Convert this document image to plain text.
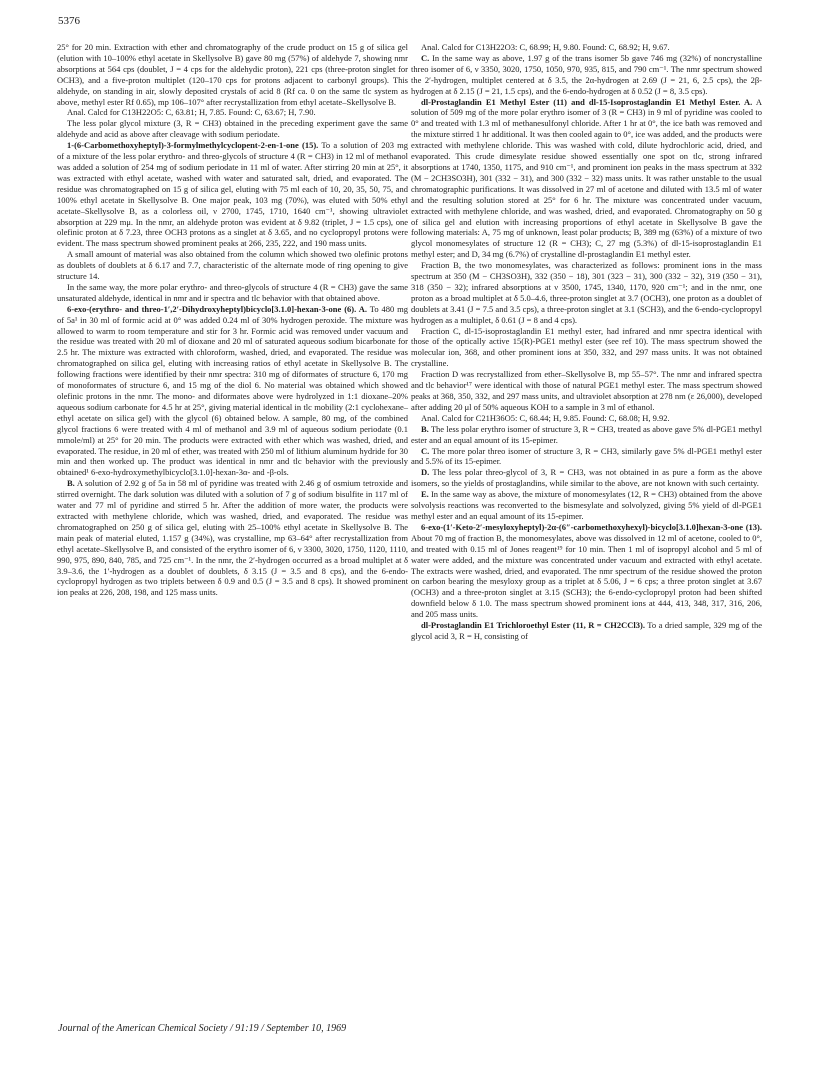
5376

25° for 20 min. Extraction with ether and chromatography of the crude product on 15 g of silica gel (elution with 10–100% ethyl acetate in Skellysolve B) gave 80 mg (57%) of aldehyde 7, showing nmr absorptions at 564 cps (doublet, J = 4 cps for the aldehydic proton), 221 cps (three-proton singlet for OCH3), and a five-proton multiplet (120–170 cps for protons adjacent to carbonyl groups). This aldehyde, on standing in air, slowly deposited crystals of acid 8 (Rf ca. 0 on the same tlc system as above, methyl ester Rf 0.65), mp 106–107° after recrystallization from ethyl acetate–Skellysolve B.

Anal. Calcd for C13H22O5: C, 63.81; H, 7.85. Found: C, 63.67; H, 7.90.

The less polar glycol mixture (3, R = CH3) obtained in the preceding experiment gave the same aldehyde and acid as above after cleavage with sodium periodate.

1-(6-Carbomethoxyheptyl)-3-formylmethylcyclopent-2-en-1-one (15). To a solution of 203 mg of a mixture of the less polar erythro- and threo-glycols of structure 4 (R = CH3) in 12 ml of methanol was added a solution of 254 mg of sodium periodate in 11 ml of water. After stirring 20 min at 25°, it was extracted with ethyl acetate, washed with water and saturated salt, dried, and evaporated. The residue was chromatographed on 15 g of silica gel, eluting with 75 ml each of 10, 20, 35, 50, 75, and 100% ethyl acetate in Skellysolve B. One major peak, 103 mg (70%), was eluted with 50% ethyl acetate–Skellysolve B, as a colorless oil, ν 2700, 1745, 1710, 1640 cm⁻¹, showing ultraviolet absorption at 229 mμ. In the nmr, an aldehyde proton was evident at δ 9.82 (triplet, J = 1.5 cps), one olefinic proton at δ 7.23, three OCH3 protons as a singlet at δ 3.65, and no cyclopropyl protons were evident. The mass spectrum showed prominent peaks at 266, 235, 222, and 190 mass units.

A small amount of material was also obtained from the column which showed two olefinic protons as doublets of doublets at δ 6.17 and 7.7, characteristic of the alternate mode of ring opening to give structure 14.

In the same way, the more polar erythro- and threo-glycols of structure 4 (R = CH3) gave the same unsaturated aldehyde, identical in nmr and ir spectra and tlc behavior with that obtained above.

6-exo-(erythro- and threo-1′,2′-Dihydroxyheptyl)bicyclo[3.1.0]-hexan-3-one (6). A. To 480 mg of 5a¹ in 30 ml of formic acid at 0° was added 0.24 ml of 30% hydrogen peroxide. The mixture was allowed to warm to room temperature and stir for 3 hr. Formic acid was removed under vacuum and the residue was treated with 20 ml of dioxane and 20 ml of saturated aqueous sodium bicarbonate for 2.5 hr. The mixture was extracted with chloroform, washed, dried, and evaporated. The residue was chromatographed on silica gel, eluting with increasing ratios of ethyl acetate in Skellysolve B. The following fractions were identified by their nmr spectra: 310 mg of diformates of structure 6, 170 mg of monoformates of structure 6, and 15 mg of the diol 6. No material was obtained which showed olefinic protons in the nmr. The mono- and diformates above were hydrolyzed in 1:1 dioxane–20% aqueous sodium carbonate for 4.5 hr at 25°, giving material identical in tlc mobility (2:1 cyclohexane–ethyl acetate on silica gel) with the glycol (6) obtained below. A sample, 80 mg, of the combined glycol fractions 6 were treated with 4 ml of methanol and 3.9 ml of aqueous sodium periodate (0.1 mmole/ml) at 25° for 20 min. The products were extracted with ether which was washed, dried, and evaporated. The residue, in 20 ml of ether, was treated with 250 ml of lithium aluminum hydride for 30 min and then worked up. The product was identical in nmr and tlc behavior with the previously obtained¹ 6-exo-hydroxymethylbicyclo[3.1.0]-hexan-3α- and -β-ols.

B. A solution of 2.92 g of 5a in 58 ml of pyridine was treated with 2.46 g of osmium tetroxide and stirred overnight. The dark solution was diluted with a solution of 7 g of sodium bisulfite in 117 ml of water and 77 ml of pyridine and stirred 5 hr. After the addition of more water, the products were extracted with methylene chloride, which was washed, dried, and evaporated. The residue was chromatographed on 250 g of silica gel, eluting with 25–100% ethyl acetate in Skellysolve B. The main peak of material eluted, 1.157 g (34%), was crystalline, mp 63–64° after recrystallization from ethyl acetate–Skellysolve B, and consisted of the erythro isomer of 6, ν 3300, 3020, 1750, 1120, 1110, 990, 975, 890, 840, 785, and 725 cm⁻¹. In the nmr, the 2′-hydrogen occurred as a broad multiplet at δ 3.9–3.6, the 1′-hydrogen as a doublet of doublets, δ 3.15 (J = 3.5 and 8 cps), and the 6-endo-cyclopropyl hydrogen as two triplets between δ 0.9 and 0.5 (J = 3.5 and 8 cps). It showed prominent ion peaks at 226, 208, 198, and 125 mass units.

Anal. Calcd for C13H22O3: C, 68.99; H, 9.80. Found: C, 68.92; H, 9.67.

C. In the same way as above, 1.97 g of the trans isomer 5b gave 746 mg (32%) of noncrystalline threo isomer of 6, ν 3350, 3020, 1750, 1050, 970, 935, 815, and 790 cm⁻¹. The nmr spectrum showed the 2′-hydrogen, multiplet centered at δ 3.5, the 2α-hydrogen at 2.69 (J = 21, 6, 2.5 cps), the 2β-hydrogen at δ 2.15 (J = 21, 1.5 cps), and the 6-endo-hydrogen at δ 0.52 (J = 8, 3.5 cps).

dl-Prostaglandin E1 Methyl Ester (11) and dl-15-Isoprostaglandin E1 Methyl Ester. A. A solution of 509 mg of the more polar erythro isomer of 3 (R = CH3) in 9 ml of pyridine was cooled to 0° and treated with 1.3 ml of methanesulfonyl chloride. After 1 hr at 0°, the ice bath was removed and the mixture stirred 1 hr additional. It was then cooled again to 0°, ice was added, and the products were extracted with methylene chloride. This was washed with cold, dilute hydrochloric acid, dried, and evaporated. This crude dimesylate residue showed essentially one spot on tlc, strong infrared absorptions at 1740, 1350, 1175, and 910 cm⁻¹, and prominent ion peaks in the mass spectrum at 332 (M − 2CH3SO3H), 301 (332 − 31), and 300 (332 − 32) mass units. It was rather unstable to the usual chromatographic purifications. It was dissolved in 27 ml of acetone and diluted with 13.5 ml of water and the resulting solution stored at 25° for 6 hr. The mixture was concentrated under vacuum, extracted with methylene chloride, and was washed, dried, and evaporated. Chromatography on 50 g of silica gel and elution with increasing proportions of ethyl acetate in Skellysolve B gave the following materials: A, 75 mg of unknown, least polar products; B, 389 mg (63%) of a mixture of two glycol monomesylates of structure 12 (R = CH3); C, 27 mg (5.3%) of dl-15-isoprostaglandin E1 methyl ester; and D, 34 mg (6.7%) of crystalline dl-prostaglandin E1 methyl ester.

Fraction B, the two monomesylates, was characterized as follows: prominent ions in the mass spectrum at 350 (M − CH3SO3H), 332 (350 − 18), 301 (323 − 31), 300 (332 − 32), 319 (350 − 31), 318 (350 − 32); infrared absorptions at ν 3500, 1745, 1340, 1170, 920 cm⁻¹; and in the nmr, one proton as a broad multiplet at δ 5.0–4.6, three-proton singlet at 3.7 (OCH3), one proton as a doublet of doublets at 3.41 (J = 7.5 and 3.5 cps), a three-proton singlet at 3.1 (SCH3), and the 6-endo-cyclopropyl hydrogen as a multiplet, δ 0.61 (J = 8 and 4 cps).

Fraction C, dl-15-isoprostaglandin E1 methyl ester, had infrared and nmr spectra identical with those of the optically active 15(R)-PGE1 methyl ester (see ref 10). The mass spectrum showed the molecular ion, 368, and other prominent ions at 350, 332, and 297 mass units. It was not obtained crystalline.

Fraction D was recrystallized from ether–Skellysolve B, mp 55–57°. The nmr and infrared spectra and tlc behavior¹⁷ were identical with those of natural PGE1 methyl ester. The mass spectrum showed peaks at 368, 350, 332, and 297 mass units, and ultraviolet absorption at 278 nm (ε 26,000), developed after adding 20 μl of 50% aqueous KOH to a sample in 3 ml of ethanol.

Anal. Calcd for C21H36O5: C, 68.44; H, 9.85. Found: C, 68.08; H, 9.92.

B. The less polar erythro isomer of structure 3, R = CH3, treated as above gave 5% dl-PGE1 methyl ester and an equal amount of its 15-epimer.

C. The more polar threo isomer of structure 3, R = CH3, similarly gave 5% dl-PGE1 methyl ester and 5.5% of its 15-epimer.

D. The less polar threo-glycol of 3, R = CH3, was not obtained in as pure a form as the above isomers, so the yields of prostaglandins, while similar to the above, are not known with such certainty.

E. In the same way as above, the mixture of monomesylates (12, R = CH3) obtained from the above solvolysis reactions was reconverted to the bismesylate and solvolyzed, giving 5% yield of dl-PGE1 methyl ester and an equal amount of its 15-epimer.

6-exo-(1′-Keto-2′-mesyloxyheptyl)-2α-(6″-carbomethoxyhexyl)-bicyclo[3.1.0]hexan-3-one (13). About 70 mg of fraction B, the monomesylates, above was dissolved in 12 ml of acetone, cooled to 0°, and treated with 0.15 ml of Jones reagent¹⁹ for 10 min. Then 1 ml of isopropyl alcohol and 5 ml of water were added, and the mixture was concentrated under vacuum and extracted with ethyl acetate. The extracts were washed, dried, and evaporated. The nmr spectrum of the residue showed the proton on carbon bearing the mesyloxy group as a triplet at δ 5.06, J = 6 cps; a three proton singlet at 3.67 (OCH3) and a three-proton singlet at 3.15 (SCH3); the 6-endo-cyclopropyl proton had been shifted downfield below δ 1.0. The mass spectrum showed prominent ions at 444, 413, 348, 317, 316, 206, and 205 mass units.

dl-Prostaglandin E1 Trichloroethyl Ester (11, R = CH2CCl3). To a dried sample, 329 mg of the glycol acid 3, R = H, consisting of

Journal of the American Chemical Society / 91:19 / September 10, 1969
